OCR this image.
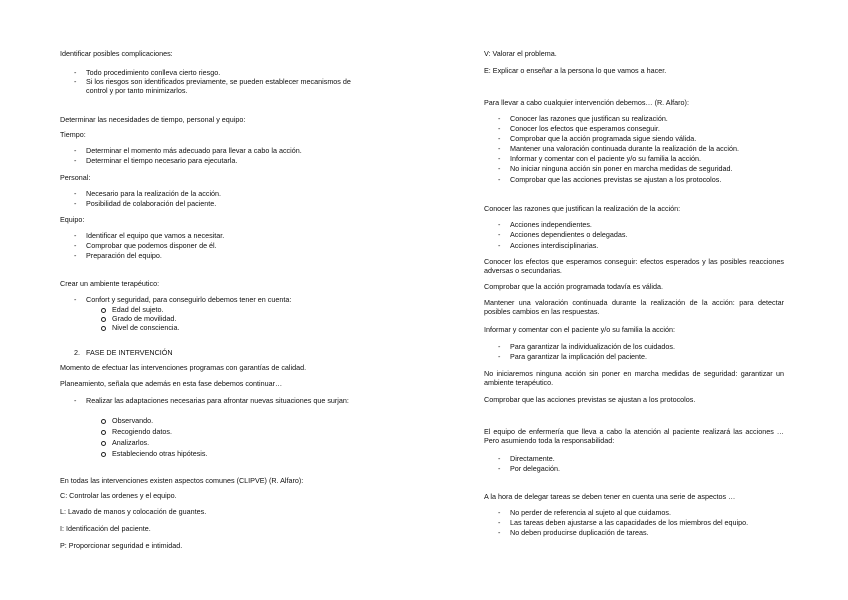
Identificar posibles complicaciones:
- Todo procedimiento conlleva cierto riesgo.
- Si los riesgos son identificados previamente, se pueden establecer mecanismos de control y por tanto minimizarlos.
Determinar las necesidades de tiempo, personal y equipo:
Tiempo:
- Determinar el momento más adecuado para llevar a cabo la acción.
- Determinar el tiempo necesario para ejecutarla.
Personal:
- Necesario para la realización de la acción.
- Posibilidad de colaboración del paciente.
Equipo:
- Identificar el equipo que vamos a necesitar.
- Comprobar que podemos disponer de él.
- Preparación del equipo.
Crear un ambiente terapéutico:
- Confort y seguridad, para conseguirlo debemos tener en cuenta:
Edad del sujeto.
Grado de movilidad.
Nivel de consciencia.
2. FASE DE INTERVENCIÓN
Momento de efectuar las intervenciones programas con garantías de calidad.
Planeamiento, señala que además en esta fase debemos continuar…
- Realizar las adaptaciones necesarias para afrontar nuevas situaciones que surjan:
Observando.
Recogiendo datos.
Analizarlos.
Estableciendo otras hipótesis.
En todas las intervenciones existen aspectos comunes (CLIPVE) (R. Alfaro):
C: Controlar las ordenes y el equipo.
L: Lavado de manos y colocación de guantes.
I: Identificación del paciente.
P: Proporcionar seguridad e intimidad.
V: Valorar el problema.
E: Explicar o enseñar a la persona lo que vamos a hacer.
Para llevar a cabo cualquier intervención debemos… (R. Alfaro):
- Conocer las razones que justifican su realización.
- Conocer los efectos que esperamos conseguir.
- Comprobar que la acción programada sigue siendo válida.
- Mantener una valoración continuada durante la realización de la acción.
- Informar y comentar con el paciente y/o su familia la acción.
- No iniciar ninguna acción sin poner en marcha medidas de seguridad.
- Comprobar que las acciones previstas se ajustan a los protocolos.
Conocer las razones que justifican la realización de la acción:
- Acciones independientes.
- Acciones dependientes o delegadas.
- Acciones interdisciplinarias.
Conocer los efectos que esperamos conseguir: efectos esperados y las posibles reacciones adversas o secundarias.
Comprobar que la acción programada todavía es válida.
Mantener una valoración continuada durante la realización de la acción: para detectar posibles cambios en las respuestas.
Informar y comentar con el paciente y/o su familia la acción:
- Para garantizar la individualización de los cuidados.
- Para garantizar la implicación del paciente.
No iniciaremos ninguna acción sin poner en marcha medidas de seguridad: garantizar un ambiente terapéutico.
Comprobar que las acciones previstas se ajustan a los protocolos.
El equipo de enfermería que lleva a cabo la atención al paciente realizará las acciones …Pero asumiendo toda la responsabilidad:
- Directamente.
- Por delegación.
A la hora de delegar tareas se deben tener en cuenta una serie de aspectos …
- No perder de referencia al sujeto al que cuidamos.
- Las tareas deben ajustarse a las capacidades de los miembros del equipo.
- No deben producirse duplicación de tareas.
